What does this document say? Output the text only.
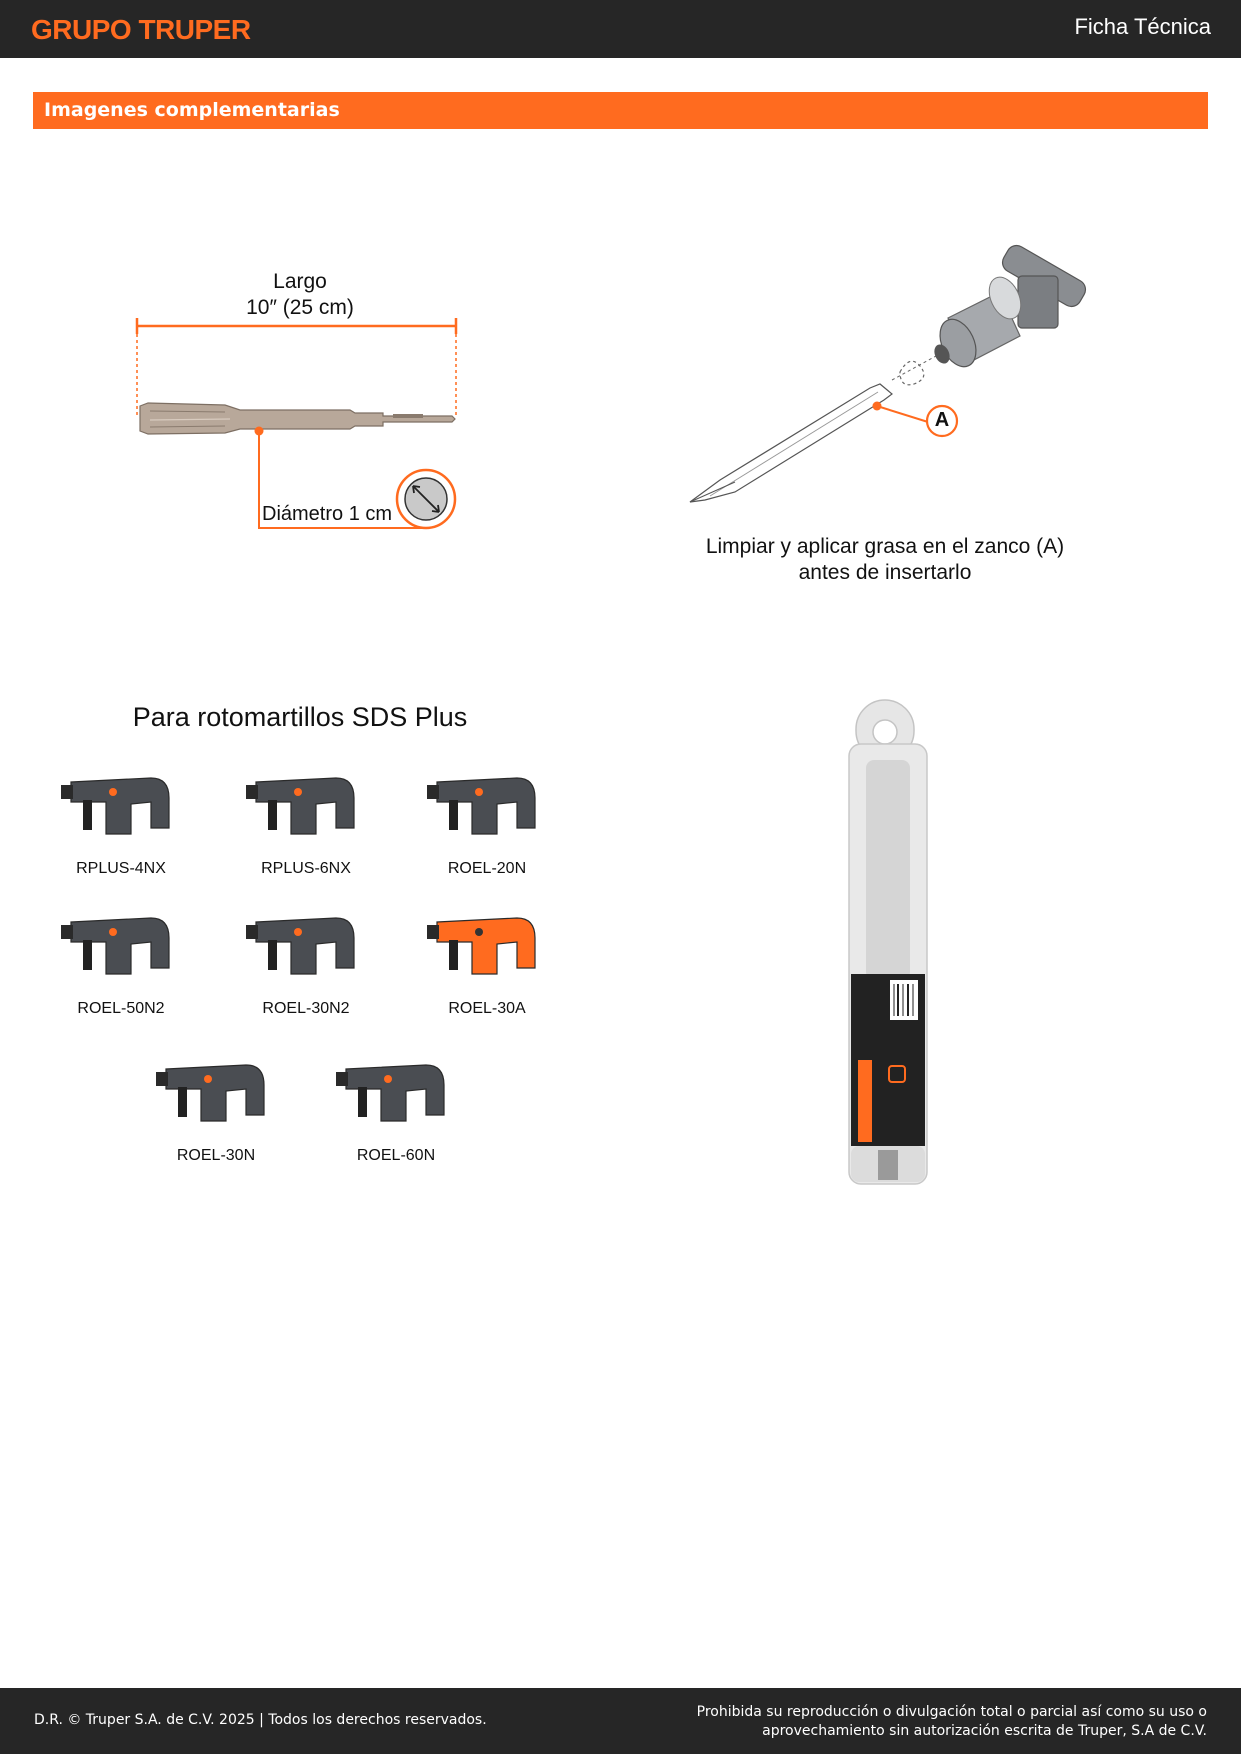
GRUPO TRUPER	Ficha Técnica
Imagenes complementarias
Largo
10″ (25 cm)
Diámetro 1 cm
A
Limpiar y aplicar grasa en el zanco (A)
antes de insertarlo
Para rotomartillos SDS Plus
RPLUS-4NX	RPLUS-6NX	ROEL-20N
ROEL-50N2	ROEL-30N2	ROEL-30A
ROEL-30N	ROEL-60N
D.R. © Truper S.A. de C.V. 2025 | Todos los derechos reservados.	Prohibida su reproducción o divulgación total o parcial así como su uso o
aprovechamiento sin autorización escrita de Truper, S.A de C.V.
